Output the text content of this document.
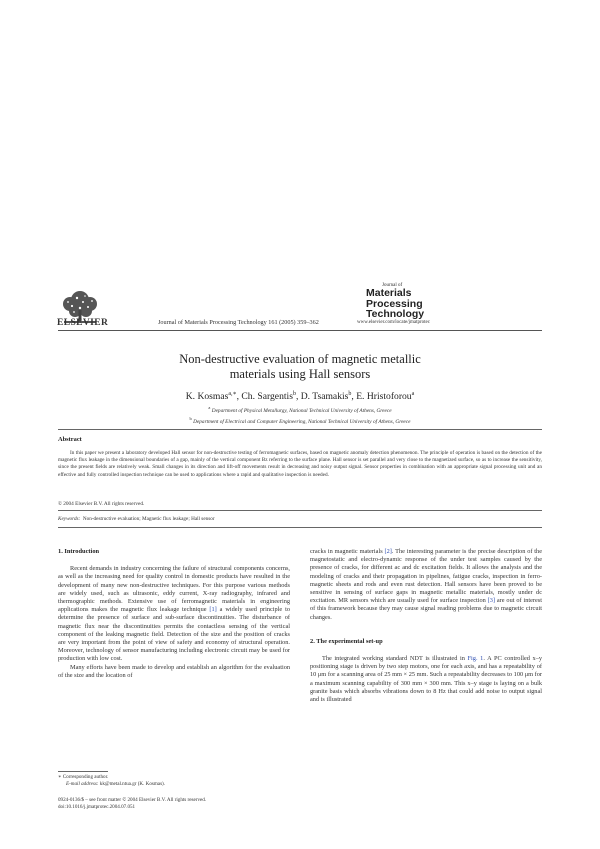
ELSEVIER	Journal of Materials Processing Technology 161 (2005) 359–362
Journal of
Materials
Processing
Technology
www.elsevier.com/locate/jmatprotec
Non-destructive evaluation of magnetic metallic
materials using Hall sensors
K. Kosmas$^{a,∗}$, Ch. Sargentis$^b$, D. Tsamakis$^b$, E. Hristoforou$^a$
$^a$ Department of Physical Metallurgy, National Technical University of Athens, Greece
$^b$ Department of Electrical and Computer Engineering, National Technical University of Athens, Greece
Abstract

In this paper we present a laboratory developed Hall sensor for non-destructive testing of ferromagnetic surfaces, based on magnetic anomaly detection phenomenon. The principle of operation is based on the detection of the magnetic flux leakage in the dimensional boundaries of a gap, mainly of the vertical component Bz referring to the surface plane. Hall sensor is set parallel and very close to the magnetized surface, so as to increase the sensitivity, since the present fields are relatively weak. Small changes in its direction and lift-off movements result in decreasing and noisy output signal. Sensor properties in combination with an appropriate signal processing unit and an effective and fully controlled inspection technique can be used to applications where a rapid and qualitative inspection is needed.

© 2004 Elsevier B.V. All rights reserved.
Keywords: Non-destructive evaluation; Magnetic flux leakage; Hall sensor
1. Introduction

Recent demands in industry concerning the failure of structural components concerns, as well as the increasing need for quality control in domestic products have resulted in the development of many new non-destructive techniques. For this purpose various methods are widely used, such as ultrasonic, eddy current, X-ray radiography, infrared and thermographic methods. Extensive use of ferromagnetic materials in engineering applications makes the magnetic flux leakage technique [1] a widely used principle to determine the presence of surface and sub-surface discontinuities. The disturbance of magnetic flux near the discontinuities permits the contactless sensing of the vertical component of the leaking magnetic field. Detection of the size and the position of cracks are very important from the point of view of safety and economy of structural operation. Moreover, technology of sensor manufacturing including electronic circuit may be used for production with low cost.

Many efforts have been made to develop and establish an algorithm for the evaluation of the size and the location of

cracks in magnetic materials [2]. The interesting parameter is the precise description of the magnetostatic and electro-dynamic response of the under test samples caused by the presence of cracks, for different ac and dc excitation fields. It allows the analysis and the modeling of cracks and their propagation in pipelines, fatigue cracks, inspection in ferro-magnetic sheets and rods and even rust detection. Hall sensors have been proved to be sensitive in sensing of surface gaps in magnetic metallic materials, mostly under dc excitation. MR sensors which are usually used for surface inspection [3] are out of interest of this framework because they may cause signal reading problems due to magnetic circuit changes.

2. The experimental set-up

The integrated working standard NDT is illustrated in Fig. 1. A PC controlled x–y positioning stage is driven by two step motors, one for each axis, and has a repeatability of 10 μm for a scanning area of 25 mm × 25 mm. Such a repeatability decreases to 100 μm for a maximum scanning capability of 300 mm × 300 mm. This x–y stage is laying on a bulk granite basis which absorbs vibrations down to 8 Hz that could add noise to output signal and is illustrated

∗ Corresponding author.
E-mail address: kk@metal.ntua.gr (K. Kosmas).
0924-0136/$ – see front matter © 2004 Elsevier B.V. All rights reserved.
doi:10.1016/j.jmatprotec.2004.07.051
